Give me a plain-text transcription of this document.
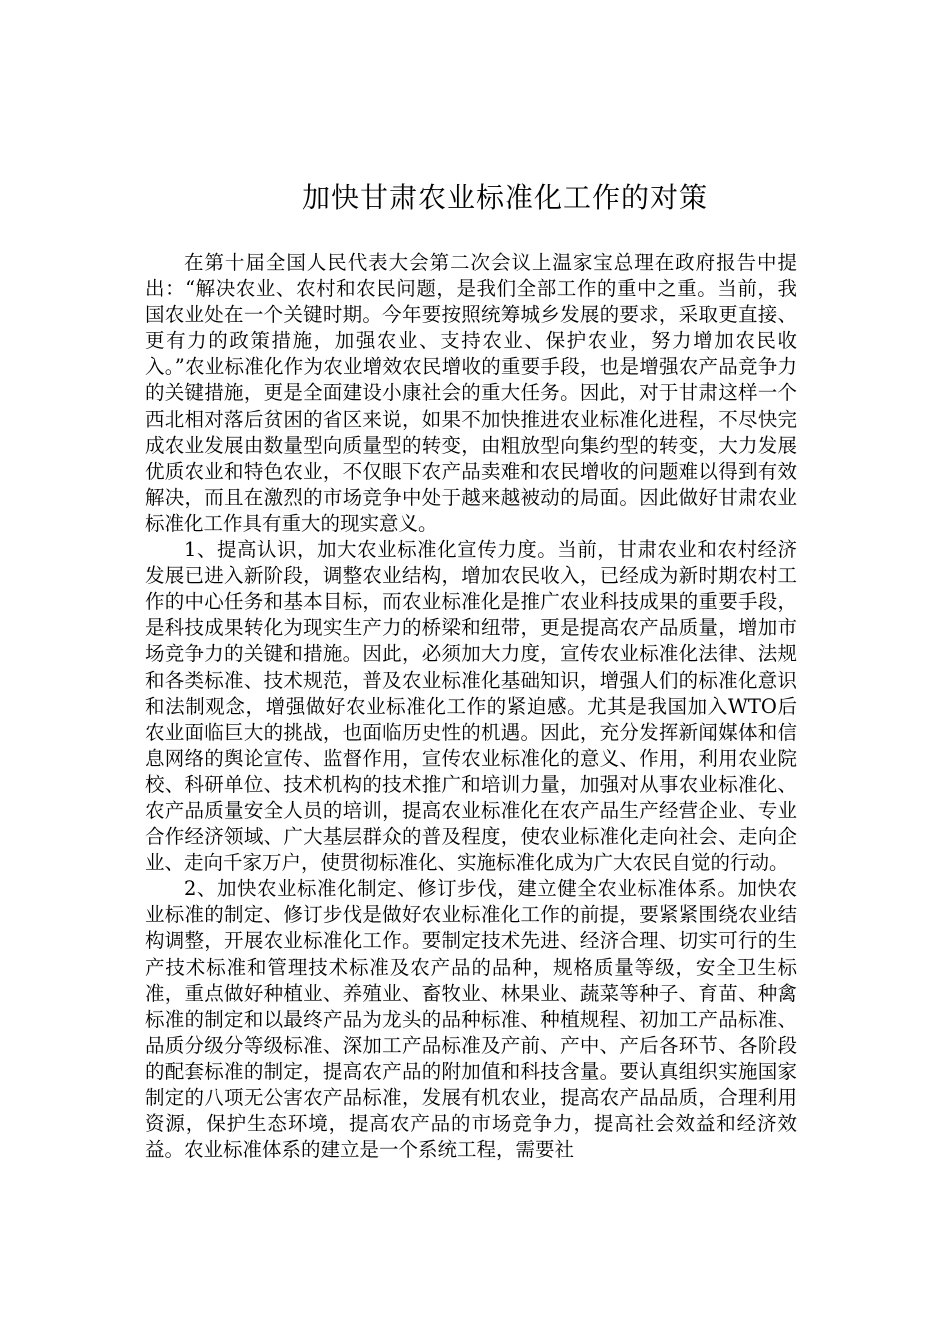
加快甘肃农业标准化工作的对策

在第十届全国人民代表大会第二次会议上温家宝总理在政府报告中提出：“解决农业、农村和农民问题，是我们全部工作的重中之重。当前，我国农业处在一个关键时期。今年要按照统筹城乡发展的要求，采取更直接、更有力的政策措施，加强农业、支持农业、保护农业，努力增加农民收入。”农业标准化作为农业增效农民增收的重要手段，也是增强农产品竞争力的关键措施，更是全面建设小康社会的重大任务。因此，对于甘肃这样一个西北相对落后贫困的省区来说，如果不加快推进农业标准化进程，不尽快完成农业发展由数量型向质量型的转变，由粗放型向集约型的转变，大力发展优质农业和特色农业，不仅眼下农产品卖难和农民增收的问题难以得到有效解决，而且在激烈的市场竞争中处于越来越被动的局面。因此做好甘肃农业标准化工作具有重大的现实意义。

1、提高认识，加大农业标准化宣传力度。当前，甘肃农业和农村经济发展已进入新阶段，调整农业结构，增加农民收入，已经成为新时期农村工作的中心任务和基本目标，而农业标准化是推广农业科技成果的重要手段，是科技成果转化为现实生产力的桥梁和纽带，更是提高农产品质量，增加市场竞争力的关键和措施。因此，必须加大力度，宣传农业标准化法律、法规和各类标准、技术规范，普及农业标准化基础知识，增强人们的标准化意识和法制观念，增强做好农业标准化工作的紧迫感。尤其是我国加入WTO后农业面临巨大的挑战，也面临历史性的机遇。因此，充分发挥新闻媒体和信息网络的舆论宣传、监督作用，宣传农业标准化的意义、作用，利用农业院校、科研单位、技术机构的技术推广和培训力量，加强对从事农业标准化、农产品质量安全人员的培训，提高农业标准化在农产品生产经营企业、专业合作经济领域、广大基层群众的普及程度，使农业标准化走向社会、走向企业、走向千家万户，使贯彻标准化、实施标准化成为广大农民自觉的行动。

2、加快农业标准化制定、修订步伐，建立健全农业标准体系。加快农业标准的制定、修订步伐是做好农业标准化工作的前提，要紧紧围绕农业结构调整，开展农业标准化工作。要制定技术先进、经济合理、切实可行的生产技术标准和管理技术标准及农产品的品种，规格质量等级，安全卫生标准，重点做好种植业、养殖业、畜牧业、林果业、蔬菜等种子、育苗、种禽标准的制定和以最终产品为龙头的品种标准、种植规程、初加工产品标准、品质分级分等级标准、深加工产品标准及产前、产中、产后各环节、各阶段的配套标准的制定，提高农产品的附加值和科技含量。要认真组织实施国家制定的八项无公害农产品标准，发展有机农业，提高农产品品质，合理利用资源，保护生态环境，提高农产品的市场竞争力，提高社会效益和经济效益。农业标准体系的建立是一个系统工程，需要社
